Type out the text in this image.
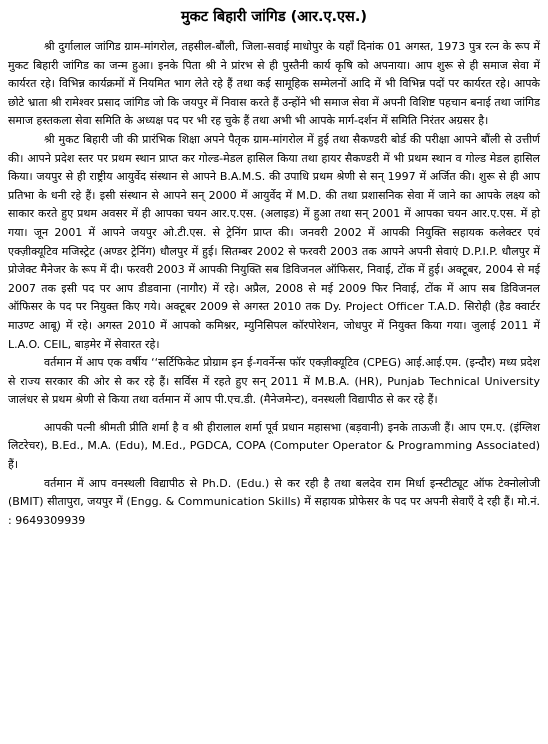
मुकट बिहारी जांगिड (आर.ए.एस.)

श्री दुर्गालाल जांगिड ग्राम-मांगरोल, तहसील-बौंली, जिला-सवाई माधोपुर के यहाँ दिनांक 01 अगस्त, 1973 पुत्र रत्न के रूप में मुकट बिहारी जांगिड का जन्म हुआ। इनके पिता श्री ने प्रांरभ से ही पुस्तैनी कार्य कृषि को अपनाया। आप शुरू से ही समाज सेवा में कार्यरत रहे। विभिन्न कार्यक्रमों में नियमित भाग लेते रहे हैं तथा कई सामूहिक सम्मेलनों आदि में भी विभिन्न पदों पर कार्यरत रहे। आपके छोटे भ्राता श्री रामेश्वर प्रसाद जांगिड जो कि जयपुर में निवास करते हैं उन्होंने भी समाज सेवा में अपनी विशिष्ट पहचान बनाई तथा जांगिड समाज हस्तकला सेवा समिति के अध्यक्ष पद पर भी रह चुके हैं तथा अभी भी आपके मार्ग-दर्शन में समिति निरंतर अग्रसर है।

श्री मुकट बिहारी जी की प्रारंभिक शिक्षा अपने पैतृक ग्राम-मांगरोल में हुई तथा सैकण्डरी बोर्ड की परीक्षा आपने बौंली से उत्तीर्ण की। आपने प्रदेश स्तर पर प्रथम स्थान प्राप्त कर गोल्ड-मेडल हासिल किया तथा हायर सैकण्डरी में भी प्रथम स्थान व गोल्ड मेडल हासिल किया। जयपुर से ही राष्ट्रीय आयुर्वेद संस्थान से आपने B.A.M.S. की उपाधि प्रथम श्रेणी से सन् 1997 में अर्जित की। शुरू से ही आप प्रतिभा के धनी रहे हैं। इसी संस्थान से आपने सन् 2000 में आयुर्वेद में M.D. की तथा प्रशासनिक सेवा में जाने का आपके लक्ष्य को साकार करते हुए प्रथम अवसर में ही आपका चयन आर.ए.एस. (अलाइड) में हुआ तथा सन् 2001 में आपका चयन आर.ए.एस. में हो गया। जून 2001 में आपने जयपुर ओ.टी.एस. से ट्रेनिंग प्राप्त की। जनवरी 2002 में आपकी नियुक्ति सहायक कलेक्टर एवं एक्ज़ीक्यूटिव मजिस्ट्रेट (अण्डर ट्रेनिंग) धौलपुर में हुई। सितम्बर 2002 से फरवरी 2003 तक आपने अपनी सेवाएं D.P.I.P. धौलपुर में प्रोजेक्ट मैनेजर के रूप में दी। फरवरी 2003 में आपकी नियुक्ति सब डिविजनल ऑफिसर, निवाई, टोंक में हुई। अक्टूबर, 2004 से मई 2007 तक इसी पद पर आप डीडवाना (नागौर) में रहे। अप्रैल, 2008 से मई 2009 फिर निवाई, टोंक में आप सब डिविजनल ऑफिसर के पद पर नियुक्त किए गये। अक्टूबर 2009 से अगस्त 2010 तक Dy. Project Officer T.A.D. सिरोही (हैड क्वार्टर माउण्ट आबू) में रहे। अगस्त 2010 में आपको कमिश्नर, म्युनिसिपल कॉरपोरेशन, जोधपुर में नियुक्त किया गया। जुलाई 2011 में L.A.O. CEIL, बाड़मेर में सेवारत रहे।

वर्तमान में आप एक वर्षीय ‘‘सर्टिफिकेट प्रोग्राम इन ई-गवर्नेन्स फॉर एक्ज़ीक्यूटिव (CPEG) आई.आई.एम. (इन्दौर) मध्य प्रदेश से राज्य सरकार की ओर से कर रहे हैं। सर्विस में रहते हुए सन् 2011 में M.B.A. (HR), Punjab Technical University जालंधर से प्रथम श्रेणी से किया तथा वर्तमान में आप पी.एच.डी. (मैनेजमेन्ट), वनस्थली विद्यापीठ से कर रहे हैं।

आपकी पत्नी श्रीमती प्रीति शर्मा है व श्री हीरालाल शर्मा पूर्व प्रधान महासभा (बड़वानी) इनके ताऊजी हैं। आप एम.ए. (इंग्लिश लिटरेचर), B.Ed., M.A. (Edu), M.Ed., PGDCA, COPA (Computer Operator & Programming Associated) हैं।

वर्तमान में आप वनस्थली विद्यापीठ से Ph.D. (Edu.) से कर रही है तथा बलदेव राम मिर्धा इन्स्टीट्यूट ऑफ टेक्नोलोजी (BMIT) सीतापुरा, जयपुर में (Engg. & Communication Skills) में सहायक प्रोफेसर के पद पर अपनी सेवाएँ दे रही हैं। मो.नं. : 9649309939
